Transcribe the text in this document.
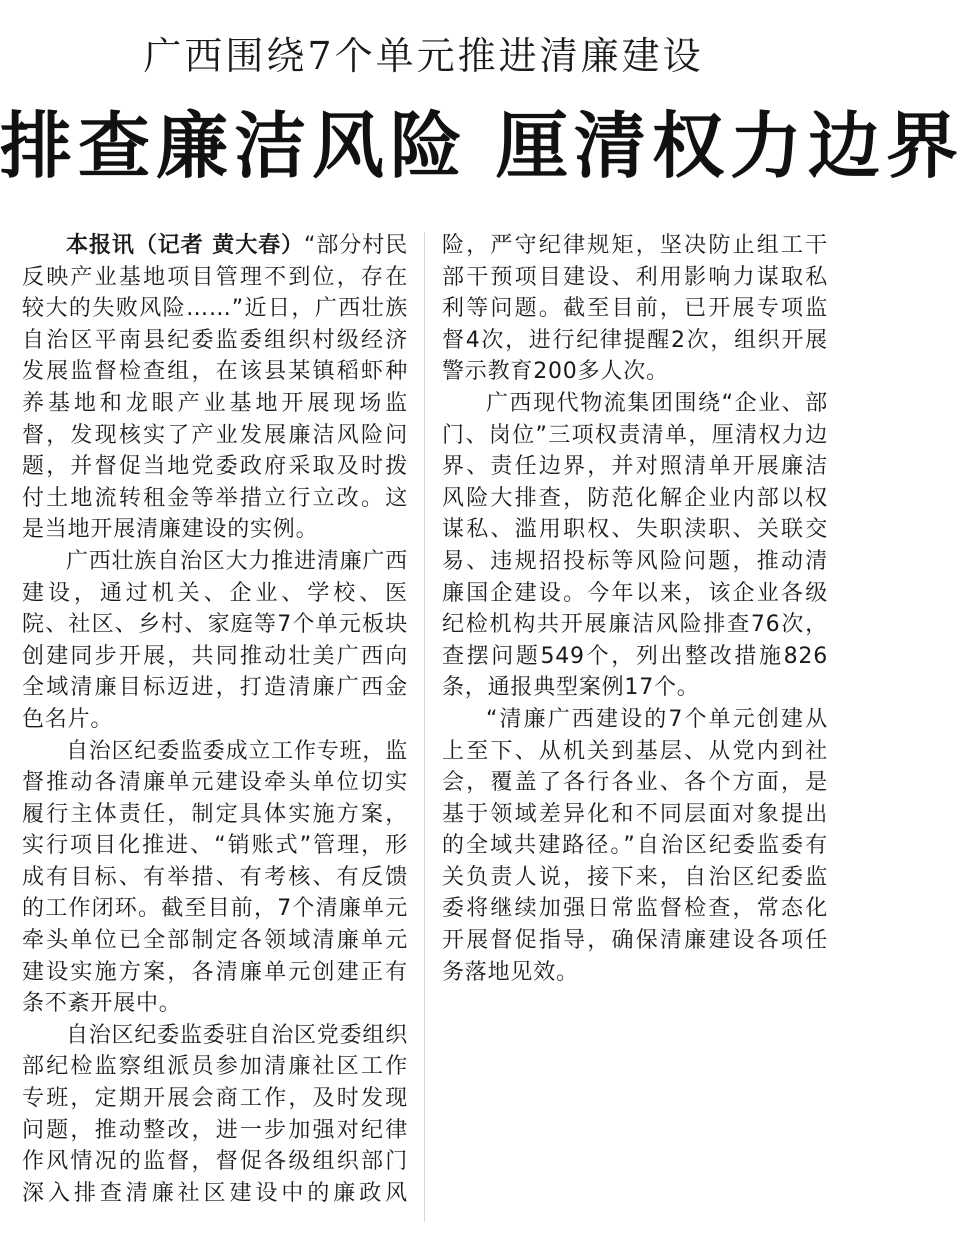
广西围绕7个单元推进清廉建设
排查廉洁风险 厘清权力边界

本报讯（记者 黄大春）“部分村民反映产业基地项目管理不到位，存在较大的失败风险……”近日，广西壮族自治区平南县纪委监委组织村级经济发展监督检查组，在该县某镇稻虾种养基地和龙眼产业基地开展现场监督，发现核实了产业发展廉洁风险问题，并督促当地党委政府采取及时拨付土地流转租金等举措立行立改。这是当地开展清廉建设的实例。

广西壮族自治区大力推进清廉广西建设，通过机关、企业、学校、医院、社区、乡村、家庭等7个单元板块创建同步开展，共同推动壮美广西向全域清廉目标迈进，打造清廉广西金色名片。

自治区纪委监委成立工作专班，监督推动各清廉单元建设牵头单位切实履行主体责任，制定具体实施方案，实行项目化推进、“销账式”管理，形成有目标、有举措、有考核、有反馈的工作闭环。截至目前，7个清廉单元牵头单位已全部制定各领域清廉单元建设实施方案，各清廉单元创建正有条不紊开展中。

自治区纪委监委驻自治区党委组织部纪检监察组派员参加清廉社区工作专班，定期开展会商工作，及时发现问题，推动整改，进一步加强对纪律作风情况的监督，督促各级组织部门深入排查清廉社区建设中的廉政风险，严守纪律规矩，坚决防止组工干部干预项目建设、利用影响力谋取私利等问题。截至目前，已开展专项监督4次，进行纪律提醒2次，组织开展警示教育200多人次。

广西现代物流集团围绕“企业、部门、岗位”三项权责清单，厘清权力边界、责任边界，并对照清单开展廉洁风险大排查，防范化解企业内部以权谋私、滥用职权、失职渎职、关联交易、违规招投标等风险问题，推动清廉国企建设。今年以来，该企业各级纪检机构共开展廉洁风险排查76次，查摆问题549个，列出整改措施826条，通报典型案例17个。

“清廉广西建设的7个单元创建从上至下、从机关到基层、从党内到社会，覆盖了各行各业、各个方面，是基于领域差异化和不同层面对象提出的全域共建路径。”自治区纪委监委有关负责人说，接下来，自治区纪委监委将继续加强日常监督检查，常态化开展督促指导，确保清廉建设各项任务落地见效。
